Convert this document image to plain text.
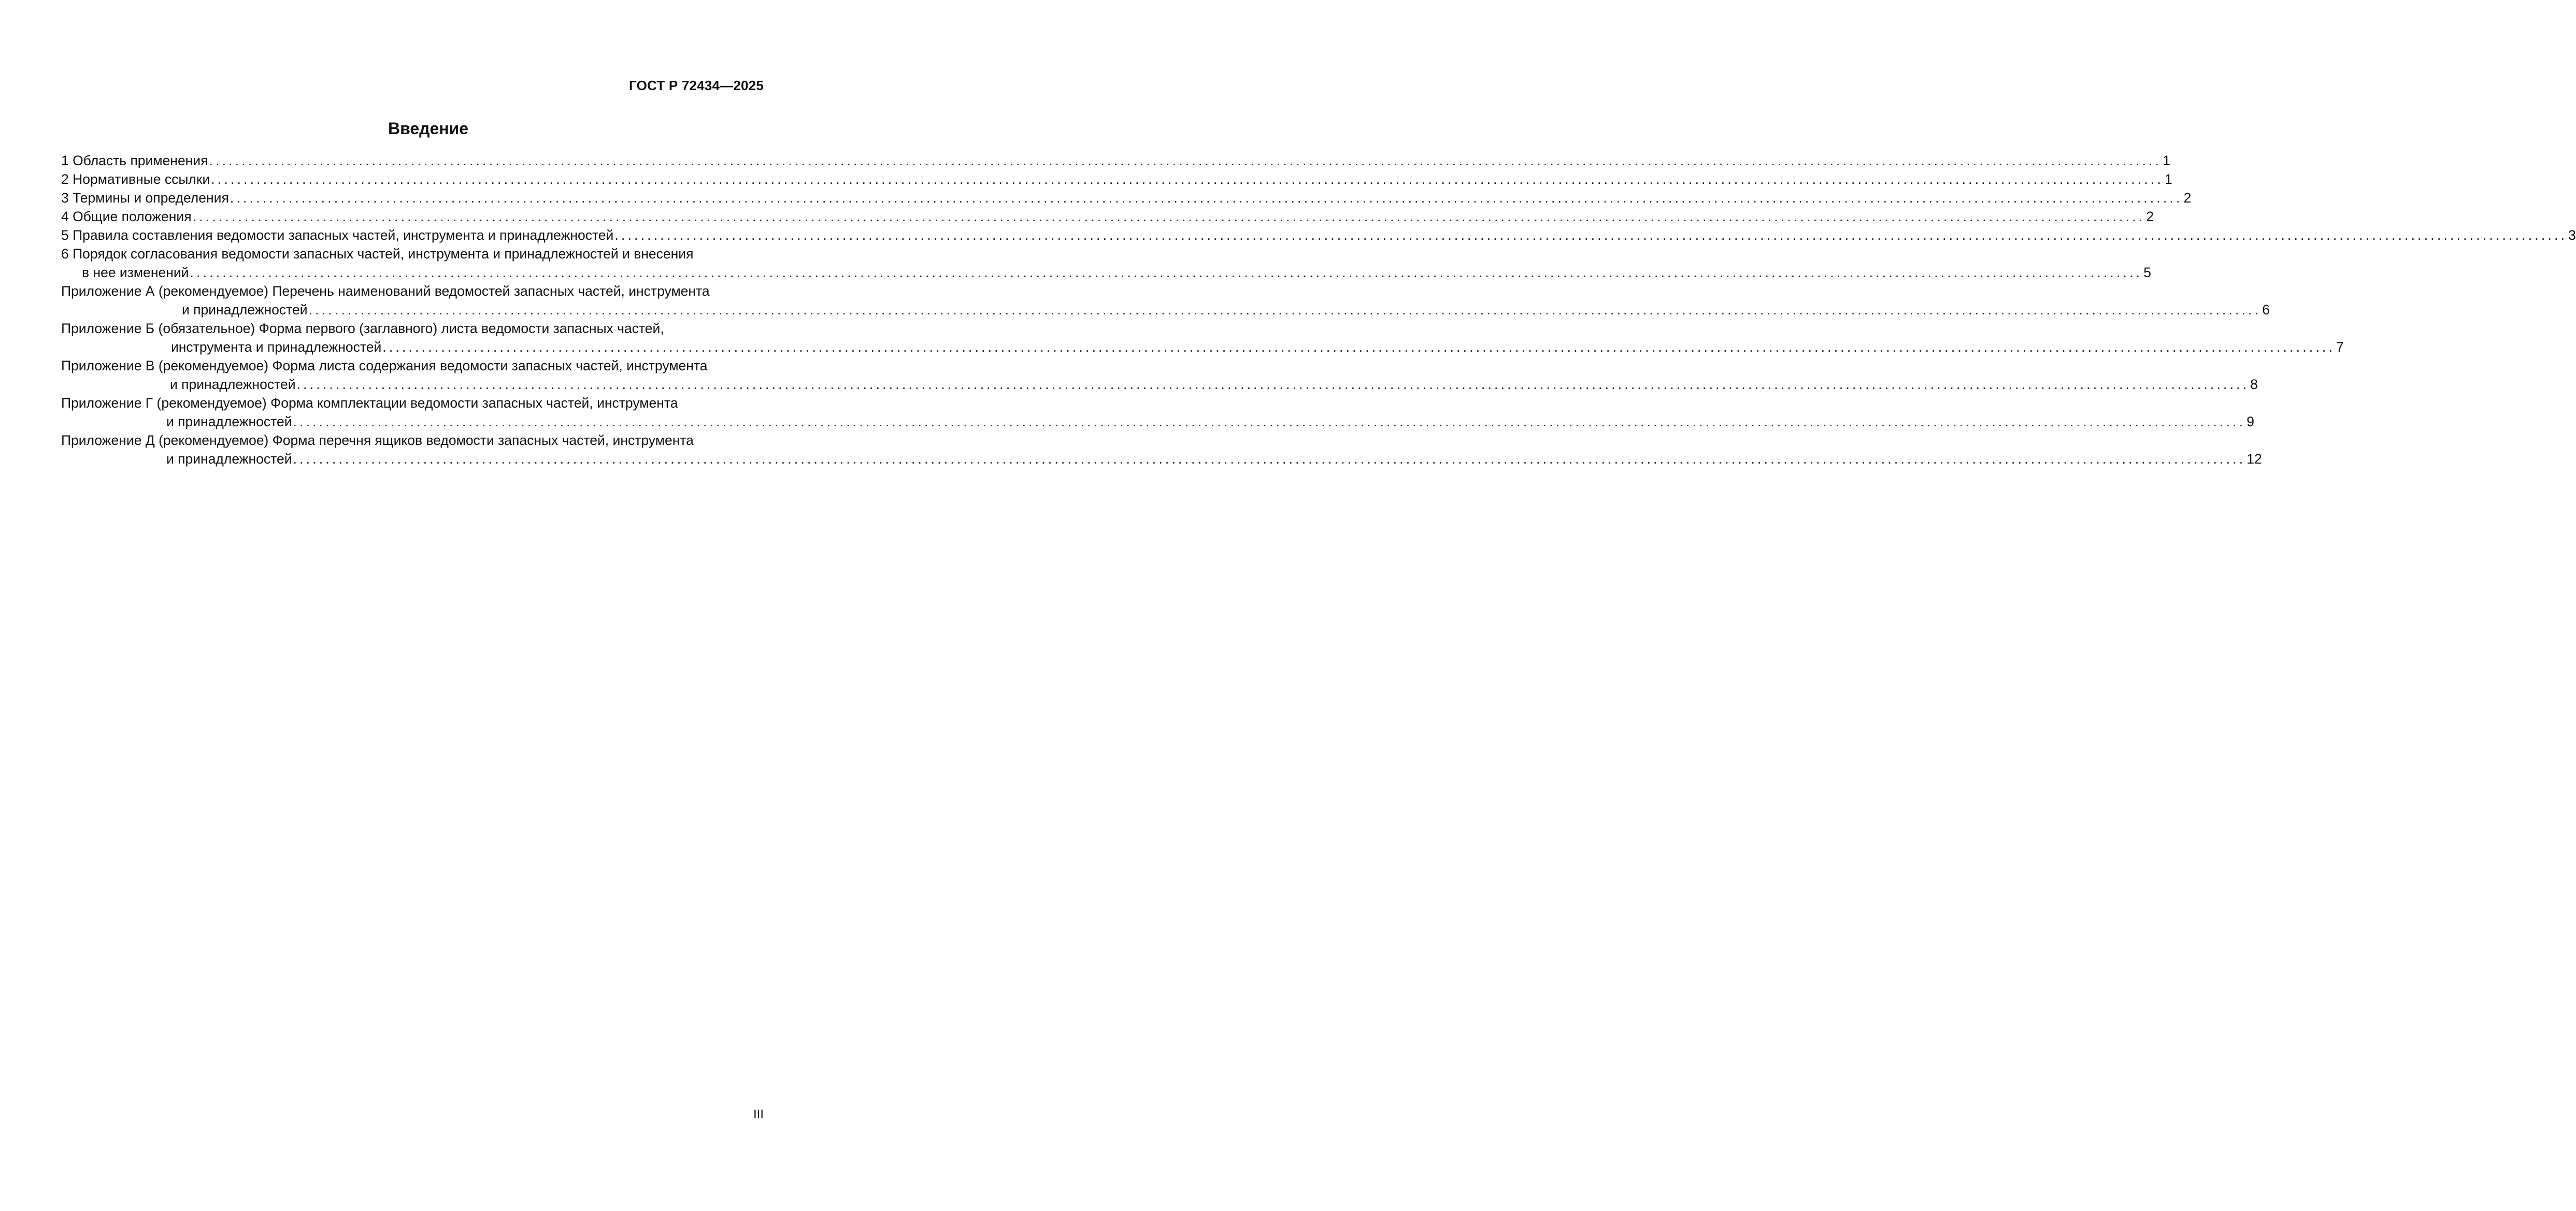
ГОСТ Р 72434—2025
Введение
1 Область применения ............................................................................................................................................................................................................................................................................................................ 1
2 Нормативные ссылки ............................................................................................................................................................................................................................................................................................................ 1
3 Термины и определения ............................................................................................................................................................................................................................................................................................................ 2
4 Общие положения ............................................................................................................................................................................................................................................................................................................ 2
5 Правила составления ведомости запасных частей, инструмента и принадлежностей ............................................................................................................................................................................................................................................................................................................ 3
6 Порядок согласования ведомости запасных частей, инструмента и принадлежностей и внесения
в нее изменений ............................................................................................................................................................................................................................................................................................................ 5
Приложение А (рекомендуемое) Перечень наименований ведомостей запасных частей, инструмента
и принадлежностей ............................................................................................................................................................................................................................................................................................................ 6
Приложение Б (обязательное) Форма первого (заглавного) листа ведомости запасных частей,
инструмента и принадлежностей ............................................................................................................................................................................................................................................................................................................ 7
Приложение В (рекомендуемое) Форма листа содержания ведомости запасных частей, инструмента
и принадлежностей ............................................................................................................................................................................................................................................................................................................ 8
Приложение Г (рекомендуемое) Форма комплектации ведомости запасных частей, инструмента
и принадлежностей ............................................................................................................................................................................................................................................................................................................ 9
Приложение Д (рекомендуемое) Форма перечня ящиков ведомости запасных частей, инструмента
и принадлежностей ............................................................................................................................................................................................................................................................................................................ 12
III
